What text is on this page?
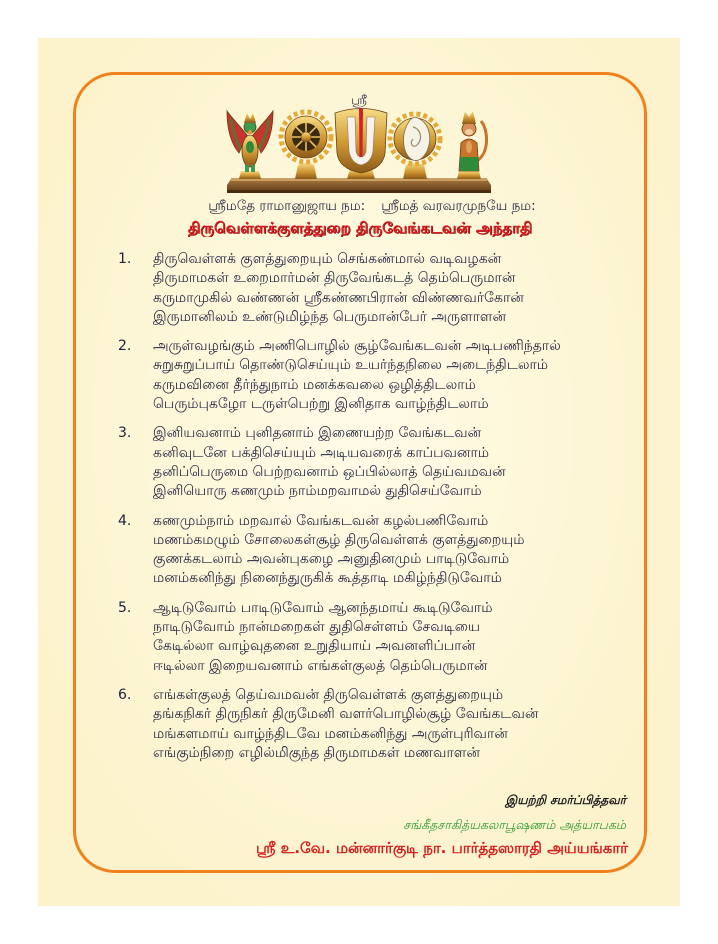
ஸ்ரீ
ஸ்ரீமதே ராமானுஜாய நம: ஸ்ரீமத் வரவரமுநயே நம:
திருவெள்ளக்குளத்துறை திருவேங்கடவன் அந்தாதி
1.	திருவெள்ளக் குளத்துறையும் செங்கண்மால் வடிவழகன்
திருமாமகள் உறைமார்மன் திருவேங்கடத் தெம்பெருமான்
கருமாமுகில் வண்ணன் ஸ்ரீகண்ணபிரான் விண்ணவர்கோன்
இருமானிலம் உண்டுமிழ்ந்த பெருமான்பேர் அருளாளன்
2.	அருள்வழங்கும் அணிபொழில் சூழ்வேங்கடவன் அடிபணிந்தால்
சுறுசுறுப்பாய் தொண்டுசெய்யும் உயர்ந்தநிலை அடைந்திடலாம்
கருமவினை தீர்ந்துநாம் மனக்கவலை ஒழித்திடலாம்
பெரும்புகழோ டருள்பெற்று இனிதாக வாழ்ந்திடலாம்
3.	இனியவனாம் புனிதனாம் இணையற்ற வேங்கடவன்
கனிவுடனே பக்திசெய்யும் அடியவரைக் காப்பவனாம்
தனிப்பெருமை பெற்றவனாம் ஒப்பில்லாத் தெய்வமவன்
இனியொரு கணமும் நாம்மறவாமல் துதிசெய்வோம்
4.	கணமும்நாம் மறவால் வேங்கடவன் கழல்பணிவோம்
மணம்கமழும் சோலைகள்சூழ் திருவெள்ளக் குளத்துறையும்
குணக்கடலாம் அவன்புகழை அனுதினமும் பாடிடுவோம்
மனம்கனிந்து நினைந்துருகிக் கூத்தாடி மகிழ்ந்திடுவோம்
5.	ஆடிடுவோம் பாடிடுவோம் ஆனந்தமாய் கூடிடுவோம்
நாடிடுவோம் நான்மறைகள் துதிசெள்ளம் சேவடியை
கேடில்லா வாழ்வுதனை உறுதியாய் அவனளிப்பான்
ஈடில்லா இறையவனாம் எங்கள்குலத் தெம்பெருமான்
6.	எங்கள்குலத் தெய்வமவன் திருவெள்ளக் குளத்துறையும்
தங்கநிகர் திருநிகர் திருமேனி வளர்பொழில்சூழ் வேங்கடவன்
மங்களமாய் வாழ்ந்திடவே மனம்கனிந்து அருள்புரிவான்
எங்கும்நிறை எழில்மிகுந்த திருமாமகள் மணவாளன்
இயற்றி சமர்ப்பித்தவர்
சங்கீதசாகித்யகலாபூஷணம் அத்யாபகம்
ஸ்ரீ உ.வே. மன்னார்குடி நா. பார்த்தஸாரதி அய்யங்கார்
